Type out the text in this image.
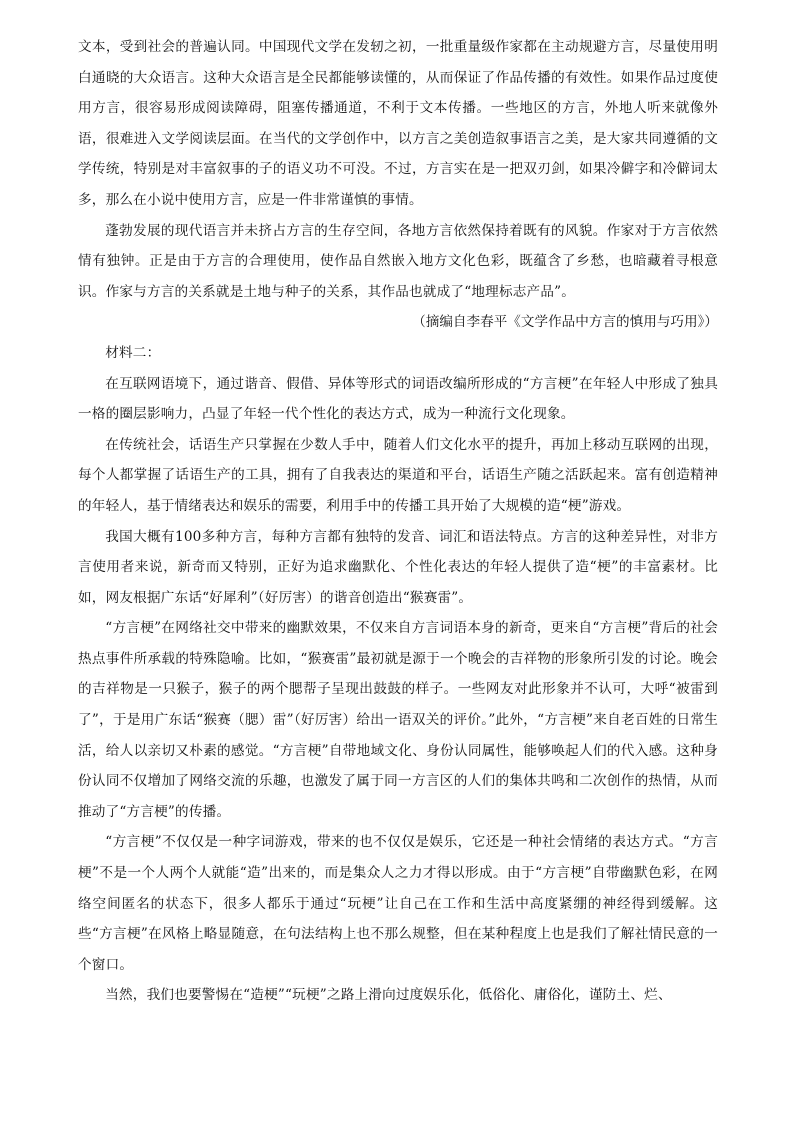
文本，受到社会的普遍认同。中国现代文学在发轫之初，一批重量级作家都在主动规避方言，尽量使用明白通晓的大众语言。这种大众语言是全民都能够读懂的，从而保证了作品传播的有效性。如果作品过度使用方言，很容易形成阅读障碍，阻塞传播通道，不利于文本传播。一些地区的方言，外地人听来就像外语，很难进入文学阅读层面。在当代的文学创作中，以方言之美创造叙事语言之美，是大家共同遵循的文学传统，特别是对丰富叙事的子的语义功不可没。不过，方言实在是一把双刃剑，如果冷僻字和冷僻词太多，那么在小说中使用方言，应是一件非常谨慎的事情。

蓬勃发展的现代语言并未挤占方言的生存空间，各地方言依然保持着既有的风貌。作家对于方言依然情有独钟。正是由于方言的合理使用，使作品自然嵌入地方文化色彩，既蕴含了乡愁，也暗藏着寻根意识。作家与方言的关系就是土地与种子的关系，其作品也就成了“地理标志产品”。

（摘编自李春平《文学作品中方言的慎用与巧用》）

材料二：

在互联网语境下，通过谐音、假借、异体等形式的词语改编所形成的“方言梗”在年轻人中形成了独具一格的圈层影响力，凸显了年轻一代个性化的表达方式，成为一种流行文化现象。

在传统社会，话语生产只掌握在少数人手中，随着人们文化水平的提升，再加上移动互联网的出现，每个人都掌握了话语生产的工具，拥有了自我表达的渠道和平台，话语生产随之活跃起来。富有创造精神的年轻人，基于情绪表达和娱乐的需要，利用手中的传播工具开始了大规模的造“梗”游戏。

我国大概有100多种方言，每种方言都有独特的发音、词汇和语法特点。方言的这种差异性，对非方言使用者来说，新奇而又特别，正好为追求幽默化、个性化表达的年轻人提供了造“梗”的丰富素材。比如，网友根据广东话“好犀利”（好厉害）的谐音创造出“猴赛雷”。

“方言梗”在网络社交中带来的幽默效果，不仅来自方言词语本身的新奇，更来自“方言梗”背后的社会热点事件所承载的特殊隐喻。比如，“猴赛雷”最初就是源于一个晚会的吉祥物的形象所引发的讨论。晚会的吉祥物是一只猴子，猴子的两个腮帮子呈现出鼓鼓的样子。一些网友对此形象并不认可，大呼“被雷到了”，于是用广东话“猴赛（腮）雷”（好厉害）给出一语双关的评价。”此外，“方言梗”来自老百姓的日常生活，给人以亲切又朴素的感觉。“方言梗”自带地域文化、身份认同属性，能够唤起人们的代入感。这种身份认同不仅增加了网络交流的乐趣，也激发了属于同一方言区的人们的集体共鸣和二次创作的热情，从而推动了“方言梗”的传播。

“方言梗”不仅仅是一种字词游戏，带来的也不仅仅是娱乐，它还是一种社会情绪的表达方式。“方言梗”不是一个人两个人就能“造”出来的，而是集众人之力才得以形成。由于“方言梗”自带幽默色彩，在网络空间匿名的状态下，很多人都乐于通过“玩梗”让自己在工作和生活中高度紧绷的神经得到缓解。这些“方言梗”在风格上略显随意，在句法结构上也不那么规整，但在某种程度上也是我们了解社情民意的一个窗口。

当然，我们也要警惕在“造梗”“玩梗”之路上滑向过度娱乐化，低俗化、庸俗化，谨防土、烂、
